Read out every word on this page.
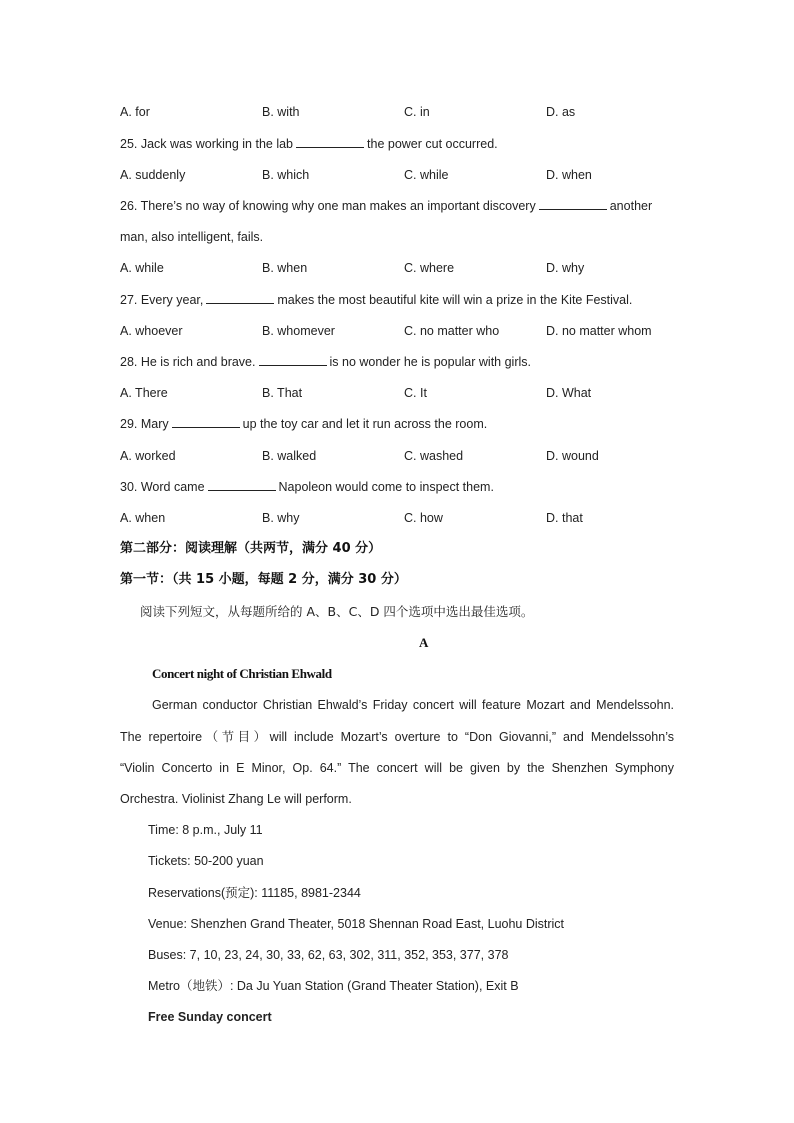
A. for	B. with	C. in	D. as
25. Jack was working in the lab	the power cut occurred.
A. suddenly	B. which	C. while	D. when
26. There’s no way of knowing why one man makes an important discovery	another
man, also intelligent, fails.
A. while	B. when	C. where	D. why
27. Every year,	makes the most beautiful kite will win a prize in the Kite Festival.
A. whoever	B. whomever	C. no matter who	D. no matter whom
28. He is rich and brave.	is no wonder he is popular with girls.
A. There	B. That	C. It	D. What
29. Mary	up the toy car and let it run across the room.
A. worked	B. walked	C. washed	D. wound
30. Word came	Napoleon would come to inspect them.
A. when	B. why	C. how	D. that
第二部分：阅读理解（共两节，满分 40 分）
第一节：（共 15 小题，每题 2 分，满分 30 分）
阅读下列短文，从每题所给的 A、B、C、D 四个选项中选出最佳选项。
A
Concert night of Christian Ehwald
German conductor Christian Ehwald’s Friday concert will feature Mozart and Mendelssohn.
The repertoire（节目）will include Mozart’s overture to “Don Giovanni,” and Mendelssohn’s
“Violin Concerto in E Minor, Op. 64.” The concert will be given by the Shenzhen Symphony
Orchestra. Violinist Zhang Le will perform.
Time: 8 p.m., July 11
Tickets: 50-200 yuan
Reservations(预定): 11185, 8981-2344
Venue: Shenzhen Grand Theater, 5018 Shennan Road East, Luohu District
Buses: 7, 10, 23, 24, 30, 33, 62, 63, 302, 311, 352, 353, 377, 378
Metro（地铁）: Da Ju Yuan Station (Grand Theater Station), Exit B
Free Sunday concert
